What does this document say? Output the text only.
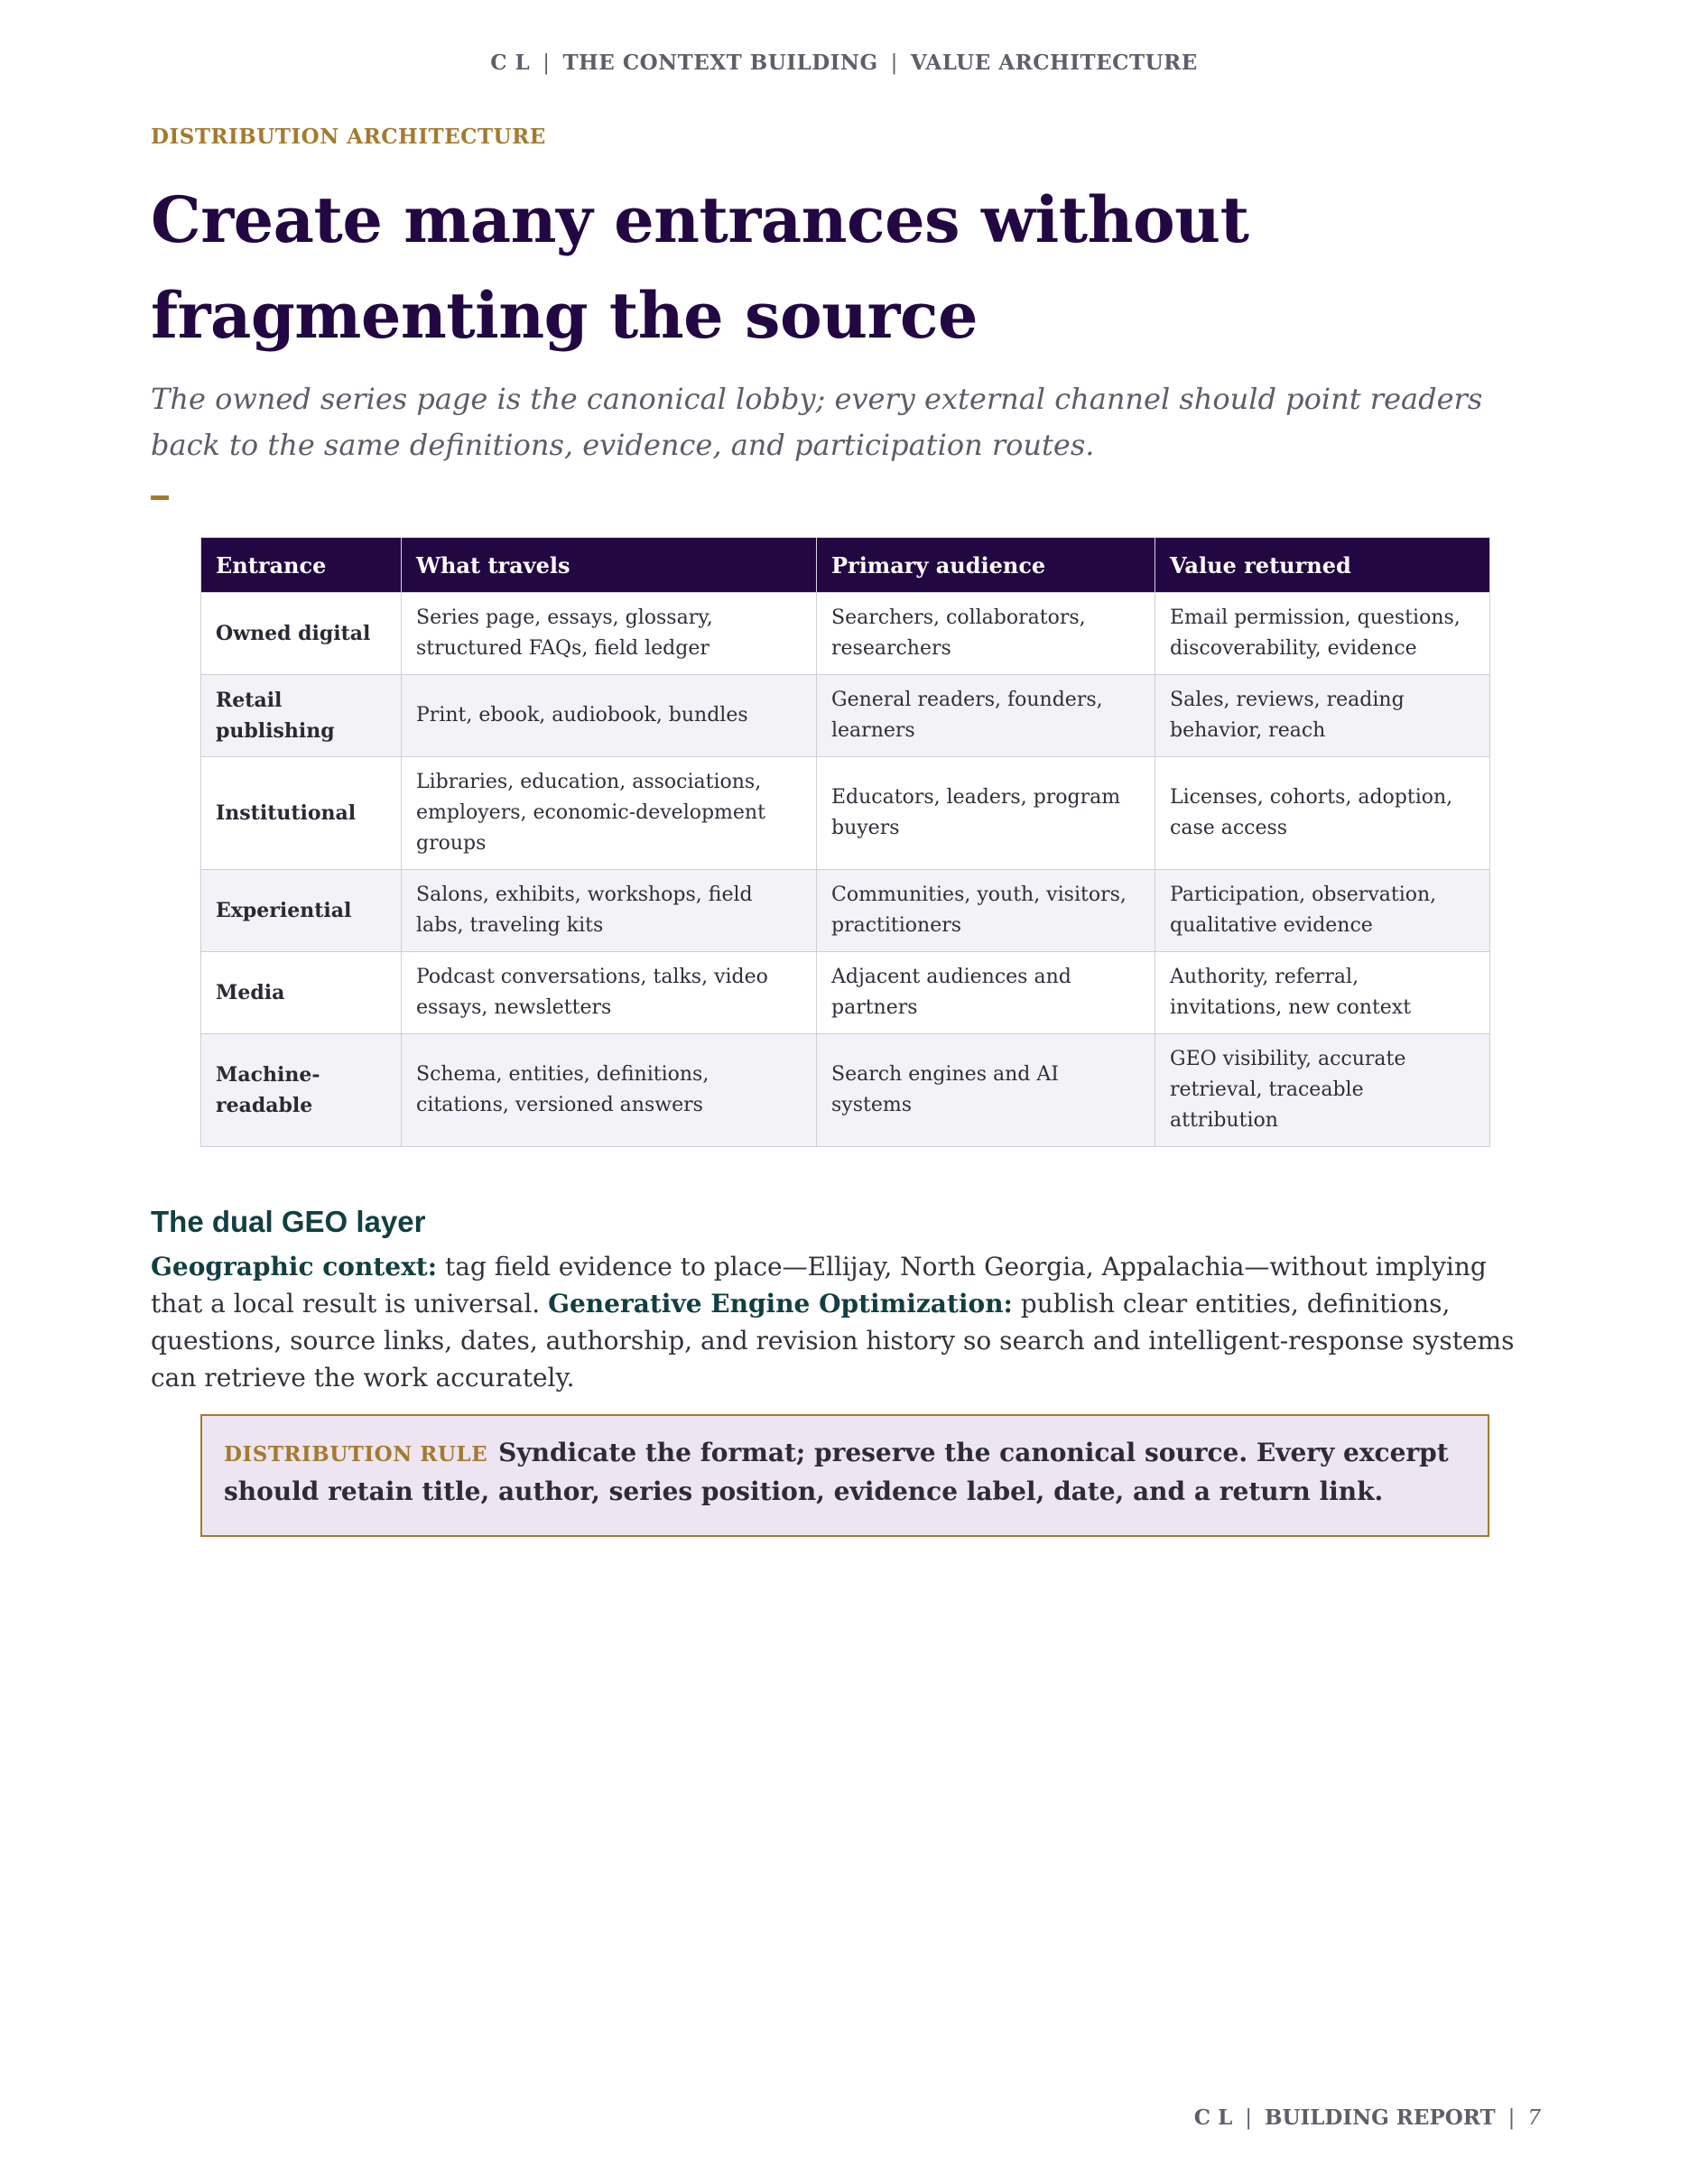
C L | THE CONTEXT BUILDING | VALUE ARCHITECTURE

DISTRIBUTION ARCHITECTURE

Create many entrances without fragmenting the source

The owned series page is the canonical lobby; every external channel should point readers back to the same definitions, evidence, and participation routes.

Entrance	What travels	Primary audience	Value returned
Owned digital	Series page, essays, glossary, structured FAQs, field ledger	Searchers, collaborators, researchers	Email permission, questions, discoverability, evidence
Retail publishing	Print, ebook, audiobook, bundles	General readers, founders, learners	Sales, reviews, reading behavior, reach
Institutional	Libraries, education, associations, employers, economic-development groups	Educators, leaders, program buyers	Licenses, cohorts, adoption, case access
Experiential	Salons, exhibits, workshops, field labs, traveling kits	Communities, youth, visitors, practitioners	Participation, observation, qualitative evidence
Media	Podcast conversations, talks, video essays, newsletters	Adjacent audiences and partners	Authority, referral, invitations, new context
Machine-readable	Schema, entities, definitions, citations, versioned answers	Search engines and AI systems	GEO visibility, accurate retrieval, traceable attribution
The dual GEO layer

Geographic context: tag field evidence to place—Ellijay, North Georgia, Appalachia—without implying that a local result is universal. Generative Engine Optimization: publish clear entities, definitions, questions, source links, dates, authorship, and revision history so search and intelligent-response systems can retrieve the work accurately.

DISTRIBUTION RULE Syndicate the format; preserve the canonical source. Every excerpt should retain title, author, series position, evidence label, date, and a return link.
C L | BUILDING REPORT | 7
